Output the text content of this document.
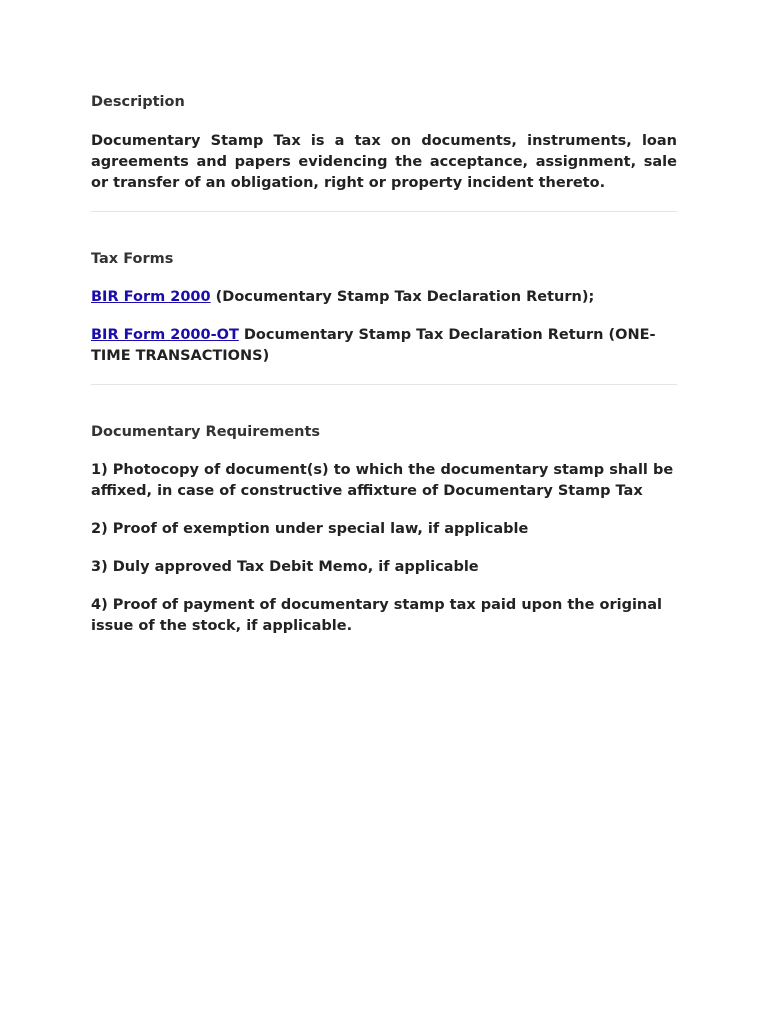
Description

Documentary Stamp Tax is a tax on documents, instruments, loan agreements and papers evidencing the acceptance, assignment, sale or transfer of an obligation, right or property incident thereto.

Tax Forms

BIR Form 2000 (Documentary Stamp Tax Declaration Return);

BIR Form 2000-OT Documentary Stamp Tax Declaration Return (ONE-TIME TRANSACTIONS)

Documentary Requirements

1) Photocopy of document(s) to which the documentary stamp shall be affixed, in case of constructive affixture of Documentary Stamp Tax

2) Proof of exemption under special law, if applicable

3) Duly approved Tax Debit Memo, if applicable

4) Proof of payment of documentary stamp tax paid upon the original issue of the stock, if applicable.
